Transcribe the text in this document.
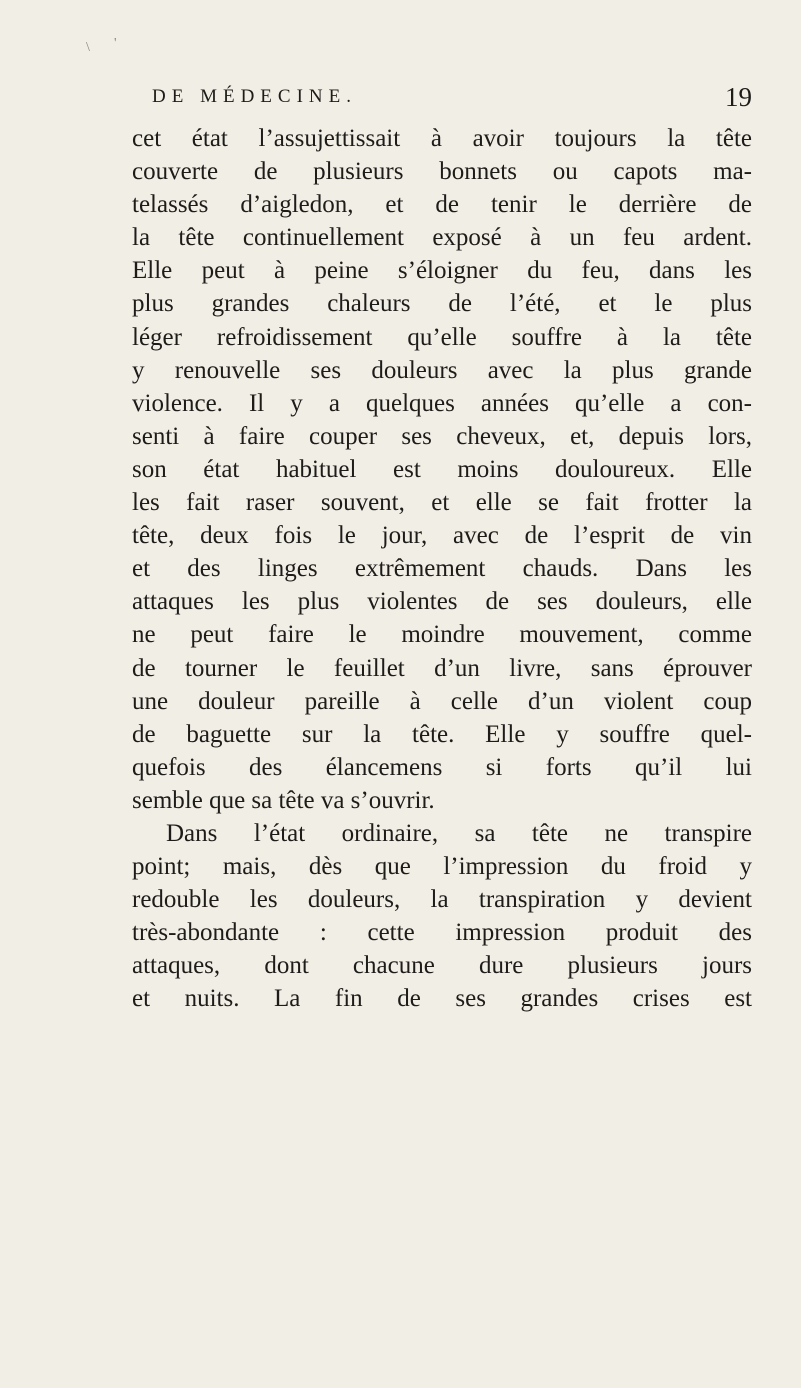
\ '
DE MÉDECINE.	19
cet état l’assujettissait à avoir toujours la tête
couverte de plusieurs bonnets ou capots ma-
telassés d’aigledon, et de tenir le derrière de
la tête continuellement exposé à un feu ardent.
Elle peut à peine s’éloigner du feu, dans les
plus grandes chaleurs de l’été, et le plus
léger refroidissement qu’elle souffre à la tête
y renouvelle ses douleurs avec la plus grande
violence. Il y a quelques années qu’elle a con-
senti à faire couper ses cheveux, et, depuis lors,
son état habituel est moins douloureux. Elle
les fait raser souvent, et elle se fait frotter la
tête, deux fois le jour, avec de l’esprit de vin
et des linges extrêmement chauds. Dans les
attaques les plus violentes de ses douleurs, elle
ne peut faire le moindre mouvement, comme
de tourner le feuillet d’un livre, sans éprouver
une douleur pareille à celle d’un violent coup
de baguette sur la tête. Elle y souffre quel-
quefois des élancemens si forts qu’il lui
semble que sa tête va s’ouvrir.
Dans l’état ordinaire, sa tête ne transpire
point; mais, dès que l’impression du froid y
redouble les douleurs, la transpiration y devient
très-abondante : cette impression produit des
attaques, dont chacune dure plusieurs jours
et nuits. La fin de ses grandes crises est
